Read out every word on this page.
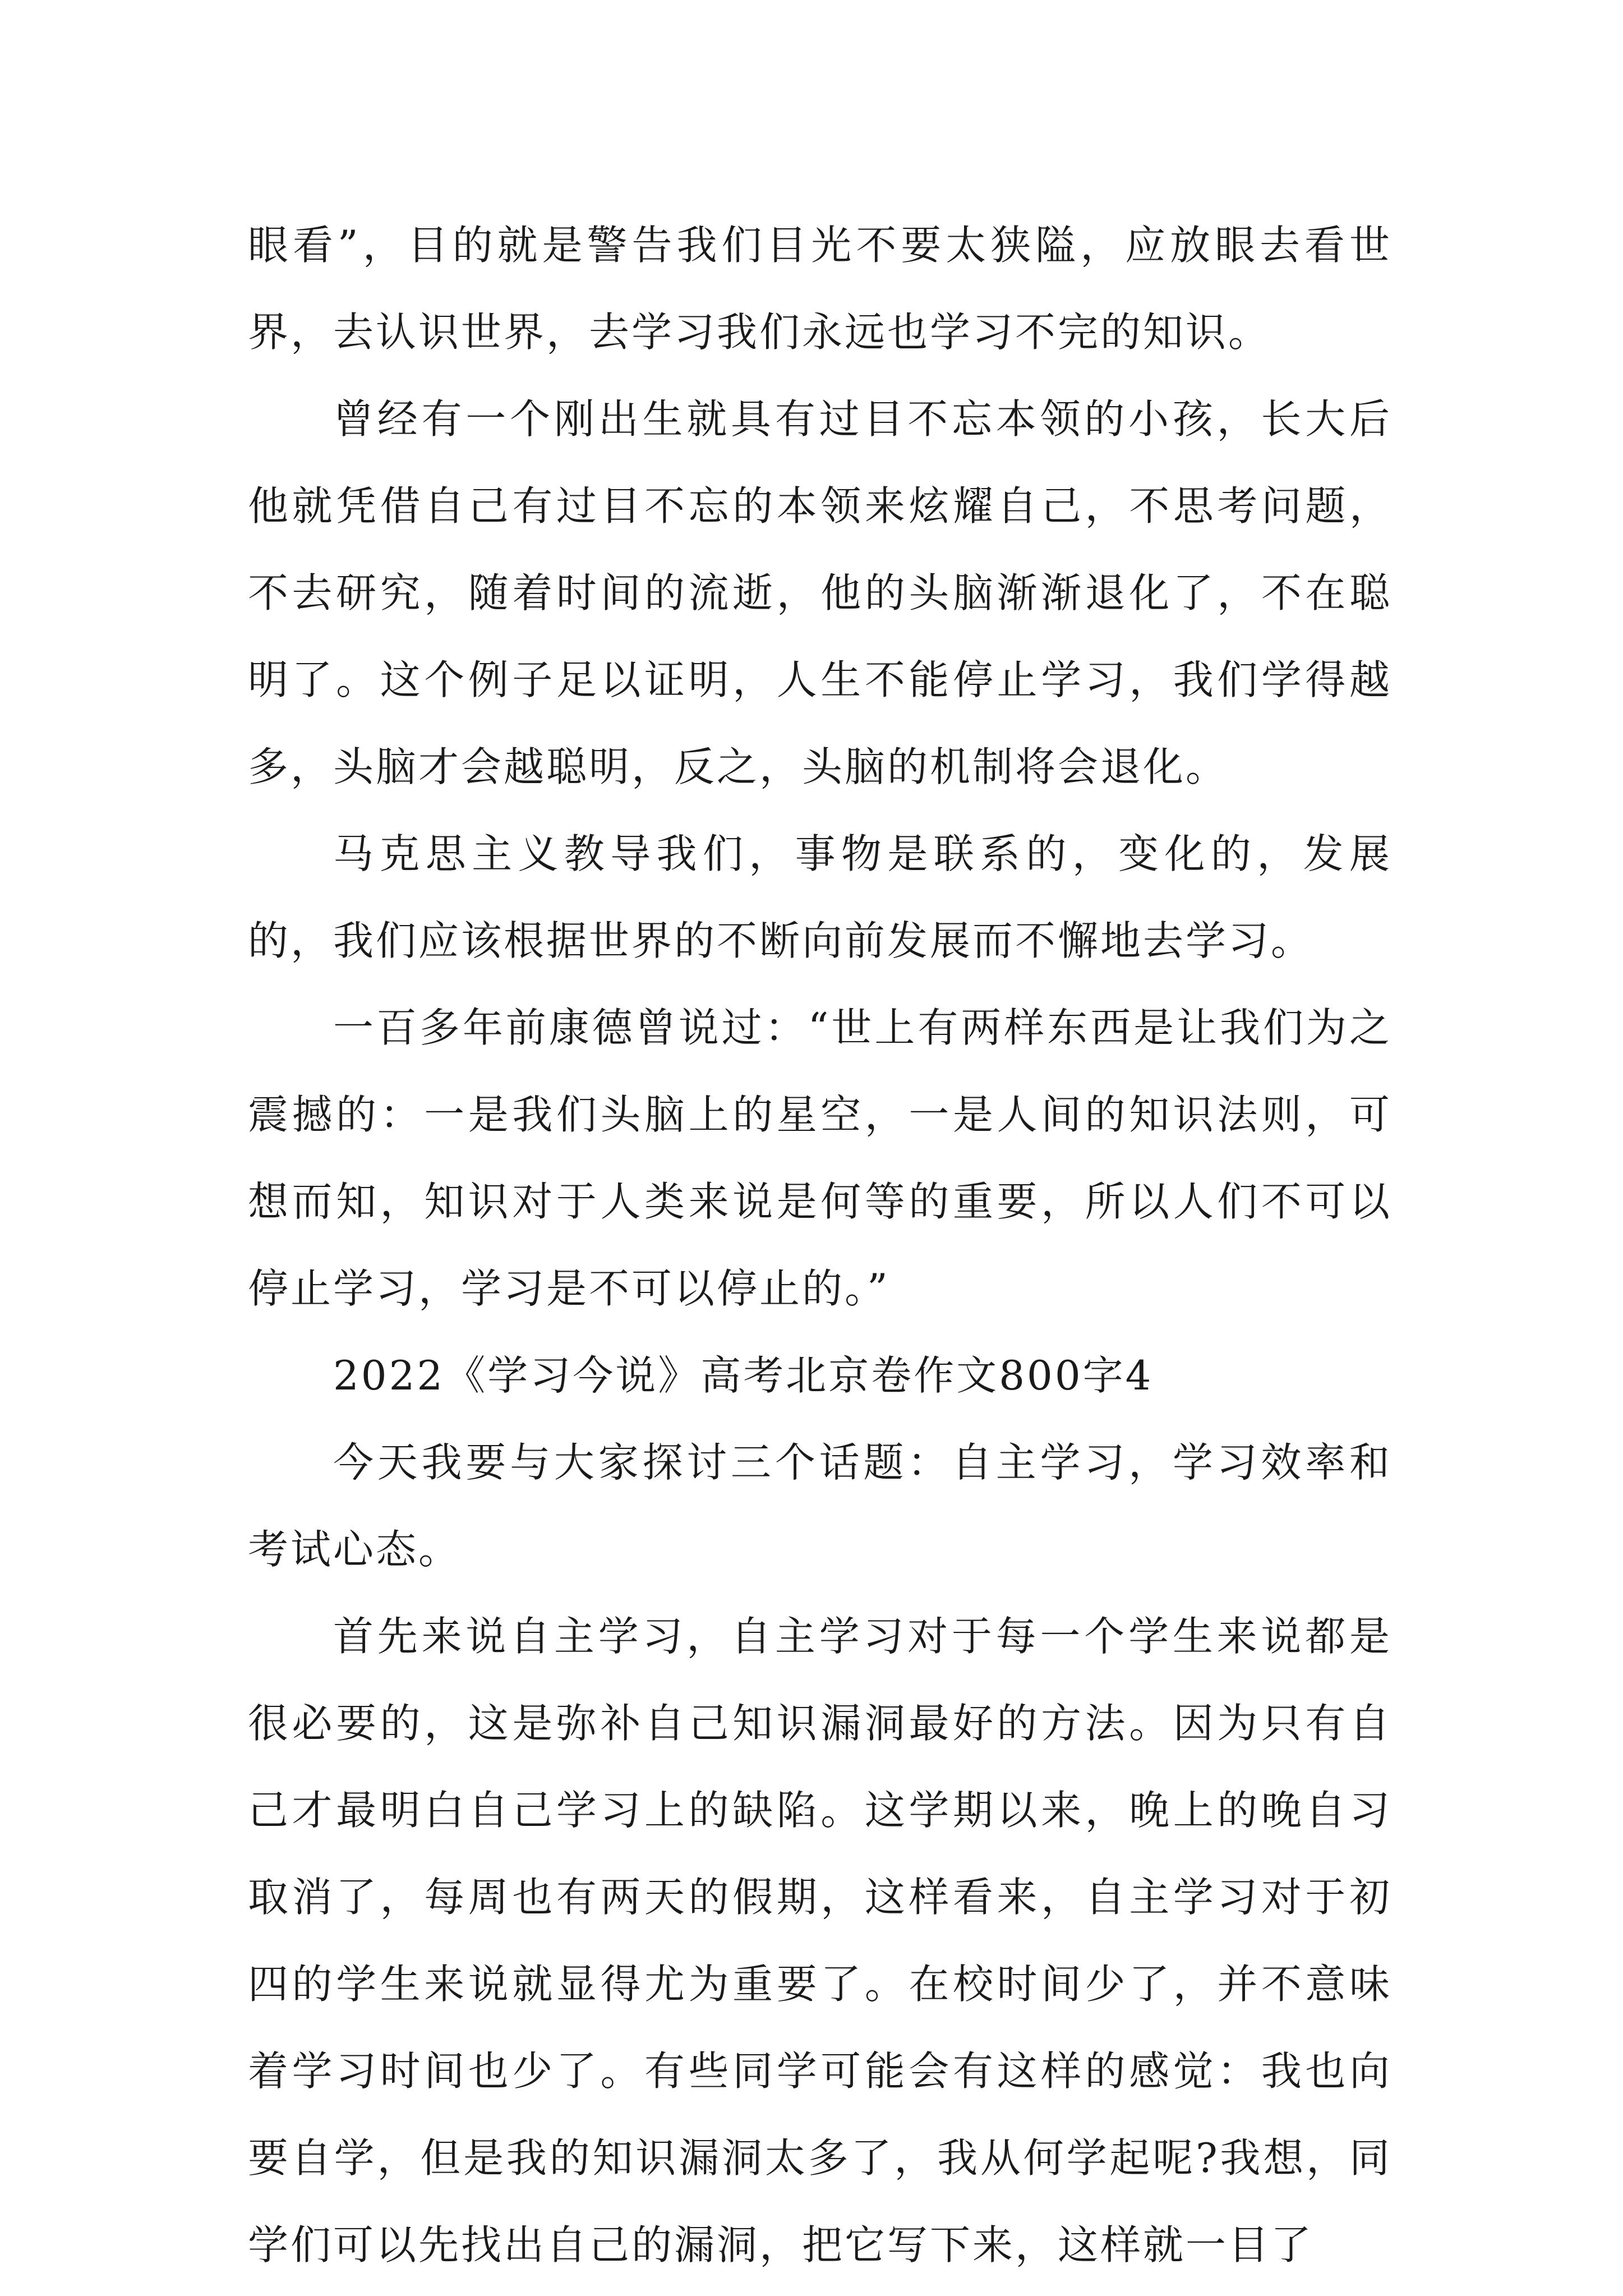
眼看”，目的就是警告我们目光不要太狭隘，应放眼去看世界，去认识世界，去学习我们永远也学习不完的知识。

曾经有一个刚出生就具有过目不忘本领的小孩，长大后他就凭借自己有过目不忘的本领来炫耀自己，不思考问题，不去研究，随着时间的流逝，他的头脑渐渐退化了，不在聪明了。这个例子足以证明，人生不能停止学习，我们学得越多，头脑才会越聪明，反之，头脑的机制将会退化。

马克思主义教导我们，事物是联系的，变化的，发展的，我们应该根据世界的不断向前发展而不懈地去学习。

一百多年前康德曾说过：“世上有两样东西是让我们为之震撼的：一是我们头脑上的星空，一是人间的知识法则，可想而知，知识对于人类来说是何等的重要，所以人们不可以停止学习，学习是不可以停止的。”

2022《学习今说》高考北京卷作文800字4

今天我要与大家探讨三个话题：自主学习，学习效率和考试心态。

首先来说自主学习，自主学习对于每一个学生来说都是很必要的，这是弥补自己知识漏洞最好的方法。因为只有自己才最明白自己学习上的缺陷。这学期以来，晚上的晚自习取消了，每周也有两天的假期，这样看来，自主学习对于初四的学生来说就显得尤为重要了。在校时间少了，并不意味着学习时间也少了。有些同学可能会有这样的感觉：我也向要自学，但是我的知识漏洞太多了，我从何学起呢?我想，同学们可以先找出自己的漏洞，把它写下来，这样就一目了
